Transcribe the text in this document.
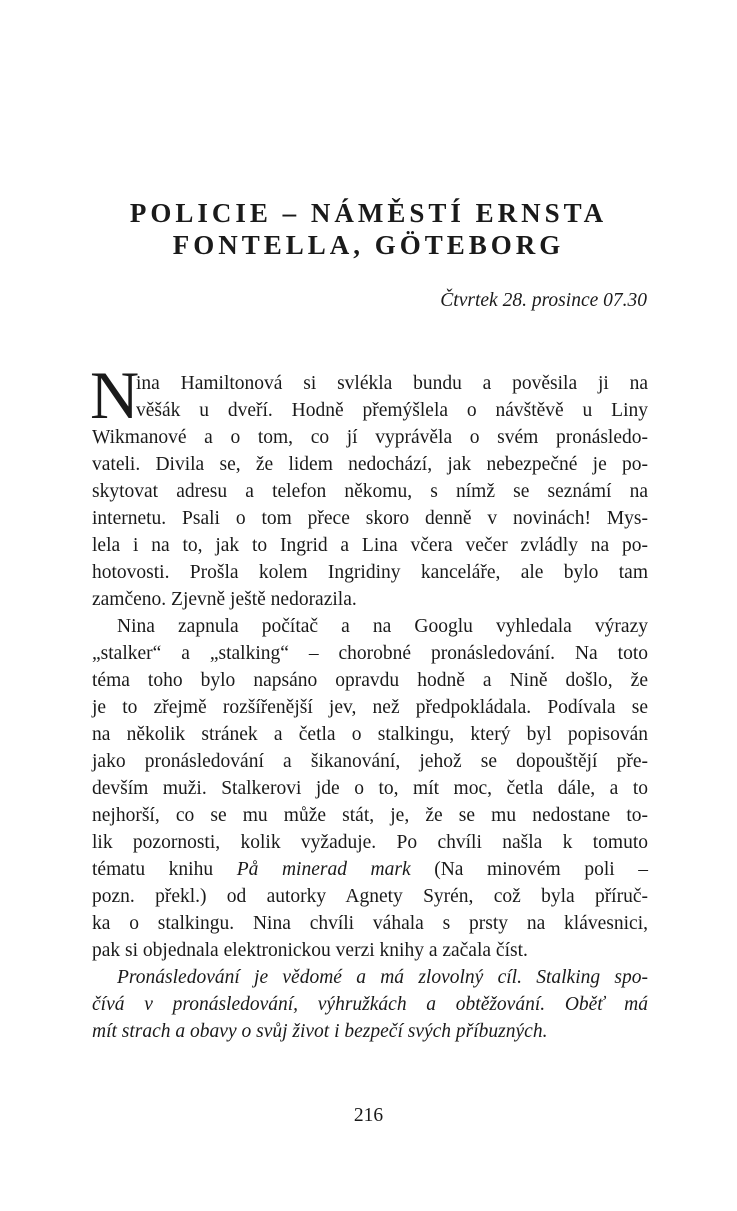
POLICIE – NÁMĚSTÍ ERNSTA
FONTELLA, GÖTEBORG
Čtvrtek 28. prosince 07.30
N
ina Hamiltonová si svlékla bundu a pověsila ji na
věšák u dveří. Hodně přemýšlela o návštěvě u Liny
Wikmanové a o tom, co jí vyprávěla o svém pronásledo-
vateli. Divila se, že lidem nedochází, jak nebezpečné je po-
skytovat adresu a telefon někomu, s nímž se seznámí na
internetu. Psali o tom přece skoro denně v novinách! Mys-
lela i na to, jak to Ingrid a Lina včera večer zvládly na po-
hotovosti. Prošla kolem Ingridiny kanceláře, ale bylo tam
zamčeno. Zjevně ještě nedorazila.
Nina zapnula počítač a na Googlu vyhledala výrazy
„stalker“ a „stalking“ – chorobné pronásledování. Na toto
téma toho bylo napsáno opravdu hodně a Nině došlo, že
je to zřejmě rozšířenější jev, než předpokládala. Podívala se
na několik stránek a četla o stalkingu, který byl popisován
jako pronásledování a šikanování, jehož se dopouštějí pře-
devším muži. Stalkerovi jde o to, mít moc, četla dále, a to
nejhorší, co se mu může stát, je, že se mu nedostane to-
lik pozornosti, kolik vyžaduje. Po chvíli našla k tomuto
tématu knihu På minerad mark (Na minovém poli –
pozn. překl.) od autorky Agnety Syrén, což byla příruč-
ka o stalkingu. Nina chvíli váhala s prsty na klávesnici,
pak si objednala elektronickou verzi knihy a začala číst.
Pronásledování je vědomé a má zlovolný cíl. Stalking spo-
čívá v pronásledování, výhružkách a obtěžování. Oběť má
mít strach a obavy o svůj život i bezpečí svých příbuzných.
216
